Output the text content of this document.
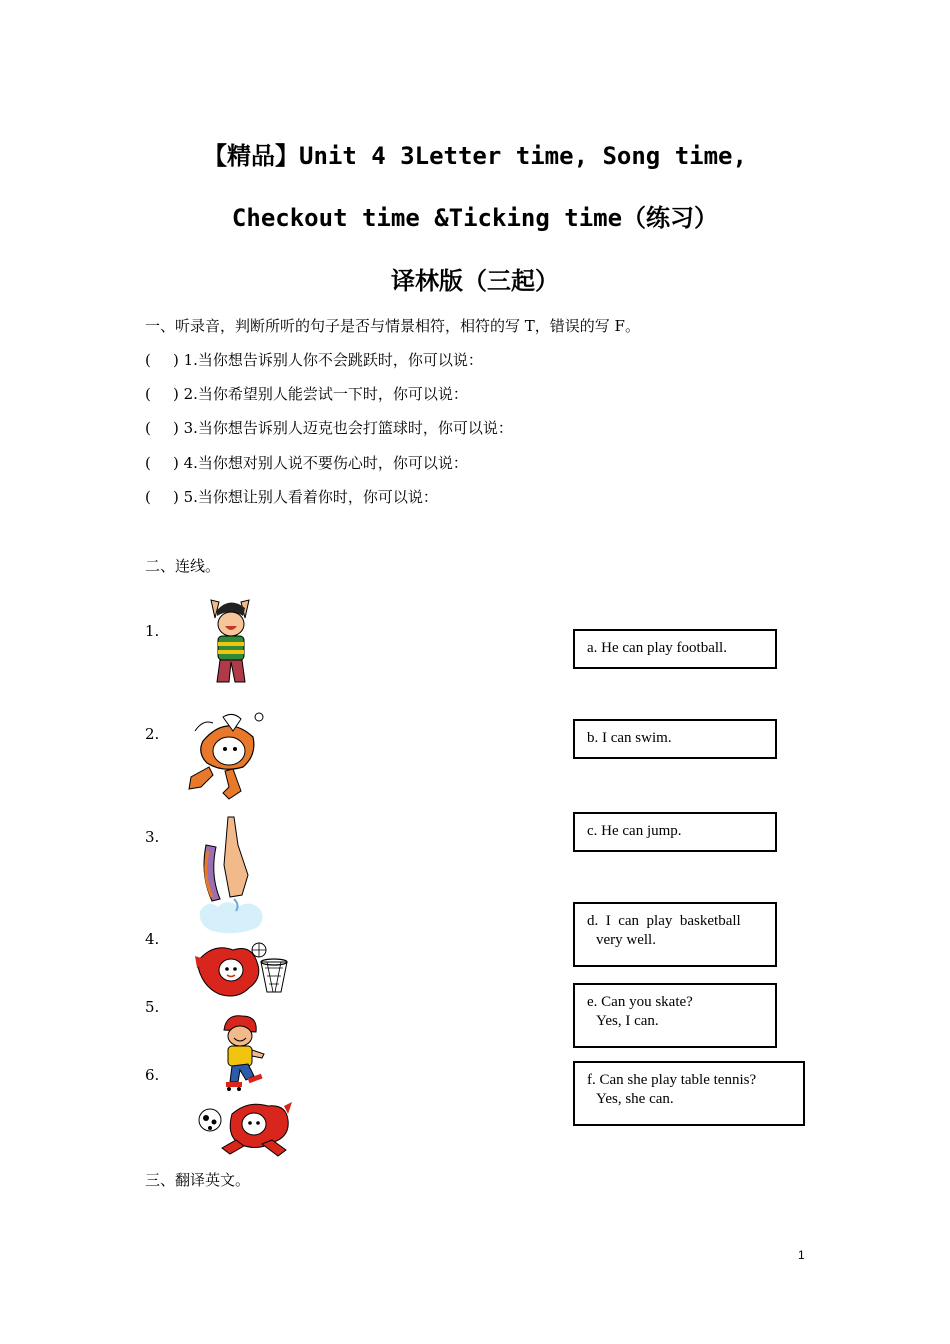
【精品】Unit 4 3Letter time, Song time,
Checkout time &Ticking time（练习）
译林版（三起）
一、听录音，判断所听的句子是否与情景相符，相符的写 T，错误的写 F。
( ) 1.当你想告诉别人你不会跳跃时，你可以说：
( ) 2.当你希望别人能尝试一下时，你可以说：
( ) 3.当你想告诉别人迈克也会打篮球时，你可以说：
( ) 4.当你想对别人说不要伤心时，你可以说：
( ) 5.当你想让别人看着你时，你可以说：
二、连线。
1.
2.
3.
4.
5.
6.
a. He can play football.
b. I can swim.
c. He can jump.
d.  I  can  play  basketball
very well.
e. Can you skate?
Yes, I can.
f. Can she play table tennis?
Yes, she can.
三、翻译英文。
1
